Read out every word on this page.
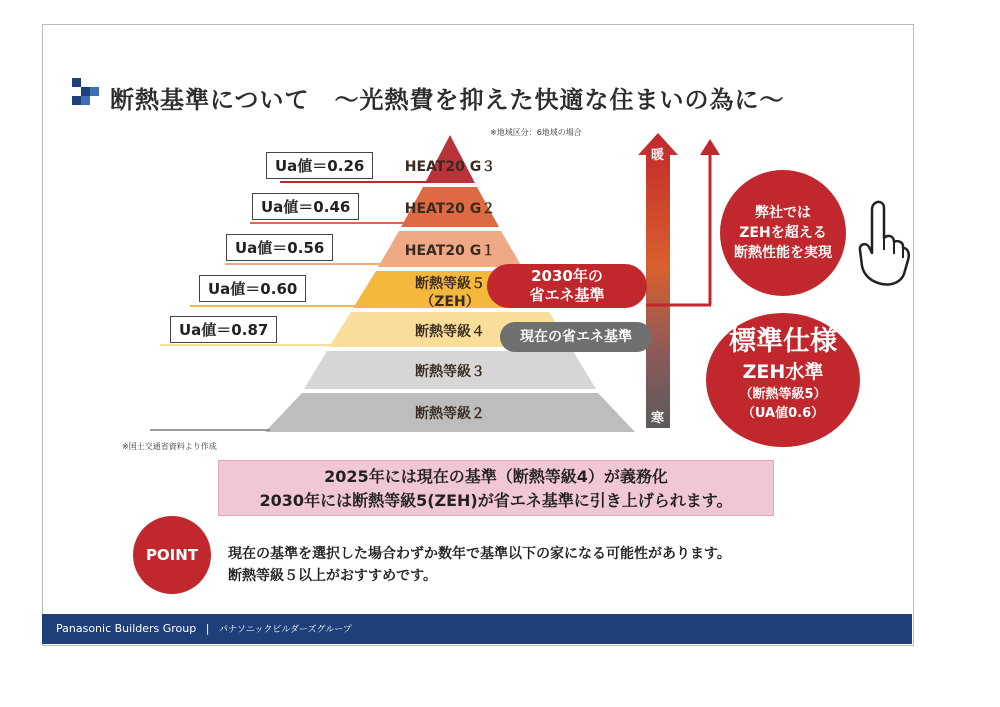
断熱基準について　～光熱費を抑えた快適な住まいの為に～
※地域区分：6地域の場合
HEAT20 G３
HEAT20 G２
HEAT20 G１
断熱等級５
（ZEH）
断熱等級４
断熱等級３
断熱等級２
Ua値＝0.26
Ua値＝0.46
Ua値＝0.56
Ua値＝0.60
Ua値＝0.87
※国土交通省資料より作成
暖
寒
2030年の
省エネ基準
現在の省エネ基準
弊社では
ZEHを超える
断熱性能を実現
標準仕様
ZEH水準
（断熱等級5）
（UA値0.6）
2025年には現在の基準（断熱等級4）が義務化
2030年には断熱等級5(ZEH)が省エネ基準に引き上げられます。
POINT	現在の基準を選択した場合わずか数年で基準以下の家になる可能性があります。
断熱等級５以上がおすすめです。
Panasonic Builders Group | パナソニックビルダーズグループ
